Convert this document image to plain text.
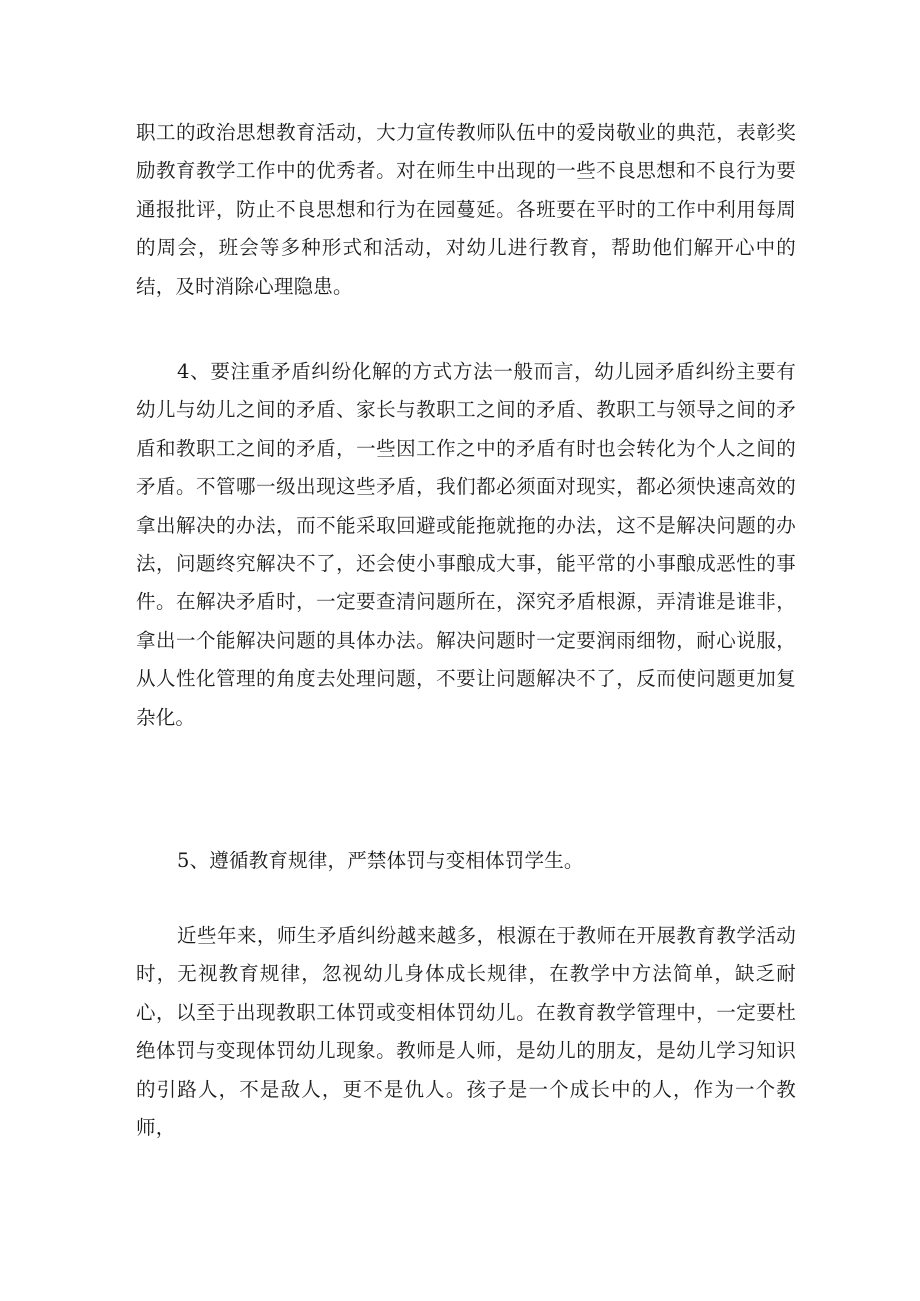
职工的政治思想教育活动，大力宣传教师队伍中的爱岗敬业的典范，表彰奖励教育教学工作中的优秀者。对在师生中出现的一些不良思想和不良行为要通报批评，防止不良思想和行为在园蔓延。各班要在平时的工作中利用每周的周会，班会等多种形式和活动，对幼儿进行教育，帮助他们解开心中的结，及时消除心理隐患。

4、要注重矛盾纠纷化解的方式方法一般而言，幼儿园矛盾纠纷主要有幼儿与幼儿之间的矛盾、家长与教职工之间的矛盾、教职工与领导之间的矛盾和教职工之间的矛盾，一些因工作之中的矛盾有时也会转化为个人之间的矛盾。不管哪一级出现这些矛盾，我们都必须面对现实，都必须快速高效的拿出解决的办法，而不能采取回避或能拖就拖的办法，这不是解决问题的办法，问题终究解决不了，还会使小事酿成大事，能平常的小事酿成恶性的事件。在解决矛盾时，一定要查清问题所在，深究矛盾根源，弄清谁是谁非，拿出一个能解决问题的具体办法。解决问题时一定要润雨细物，耐心说服，从人性化管理的角度去处理问题，不要让问题解决不了，反而使问题更加复杂化。

5、遵循教育规律，严禁体罚与变相体罚学生。

近些年来，师生矛盾纠纷越来越多，根源在于教师在开展教育教学活动时，无视教育规律，忽视幼儿身体成长规律，在教学中方法简单，缺乏耐心，以至于出现教职工体罚或变相体罚幼儿。在教育教学管理中，一定要杜绝体罚与变现体罚幼儿现象。教师是人师，是幼儿的朋友，是幼儿学习知识的引路人，不是敌人，更不是仇人。孩子是一个成长中的人，作为一个教师，
